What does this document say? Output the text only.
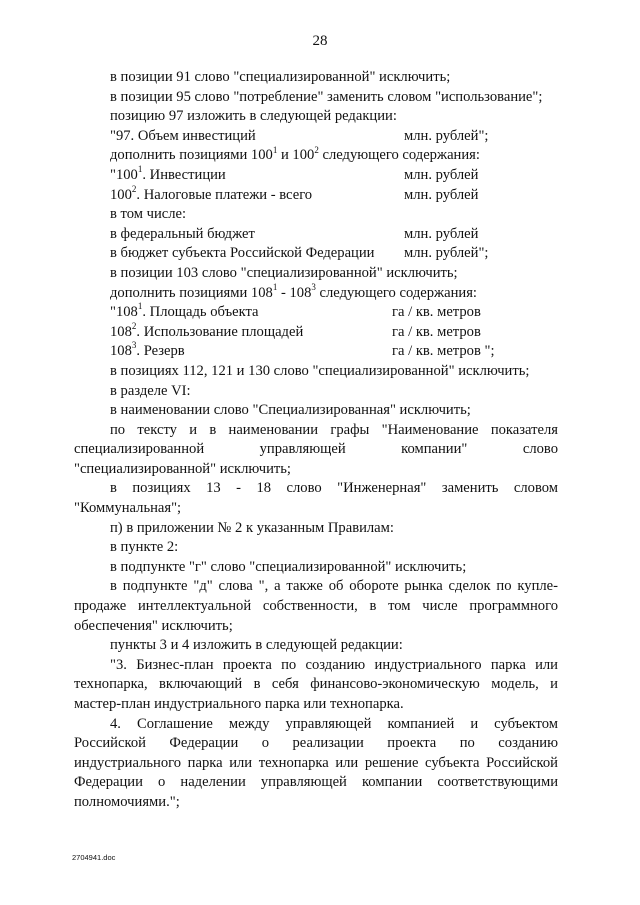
28
в позиции 91 слово "специализированной" исключить;
в позиции 95 слово "потребление" заменить словом "использование";
позицию 97 изложить в следующей редакции:
"97. Объем инвестиций	млн. рублей";
дополнить позициями $100^1$ и $100^2$ следующего содержания:
"$100^1$. Инвестиции	млн. рублей
$100^2$. Налоговые платежи - всего	млн. рублей
в том числе:
в федеральный бюджет	млн. рублей
в бюджет субъекта Российской Федерации млн. рублей";
в позиции 103 слово "специализированной" исключить;
дополнить позициями $108^1 - 108^3$ следующего содержания:
"$108^1$. Площадь объекта	га / кв. метров
$108^2$. Использование площадей	га / кв. метров
$108^3$. Резерв	га / кв. метров ";
в позициях 112, 121 и 130 слово "специализированной" исключить;
в разделе VI:
в наименовании слово "Специализированная" исключить;
по тексту и в наименовании графы "Наименование показателя
специализированной управляющей компании" слово
"специализированной" исключить;
в позициях 13 - 18 слово "Инженерная" заменить словом
"Коммунальная";
п) в приложении № 2 к указанным Правилам:
в пункте 2:
в подпункте "г" слово "специализированной" исключить;
в подпункте "д" слова ", а также об обороте рынка сделок по купле-
продаже интеллектуальной собственности, в том числе программного
обеспечения" исключить;
пункты 3 и 4 изложить в следующей редакции:
"3. Бизнес-план проекта по созданию индустриального парка или
технопарка, включающий в себя финансово-экономическую модель, и
мастер-план индустриального парка или технопарка.
4. Соглашение между управляющей компанией и субъектом
Российской Федерации о реализации проекта по созданию
индустриального парка или технопарка или решение субъекта Российской
Федерации о наделении управляющей компании соответствующими
полномочиями.";
2704941.doc
